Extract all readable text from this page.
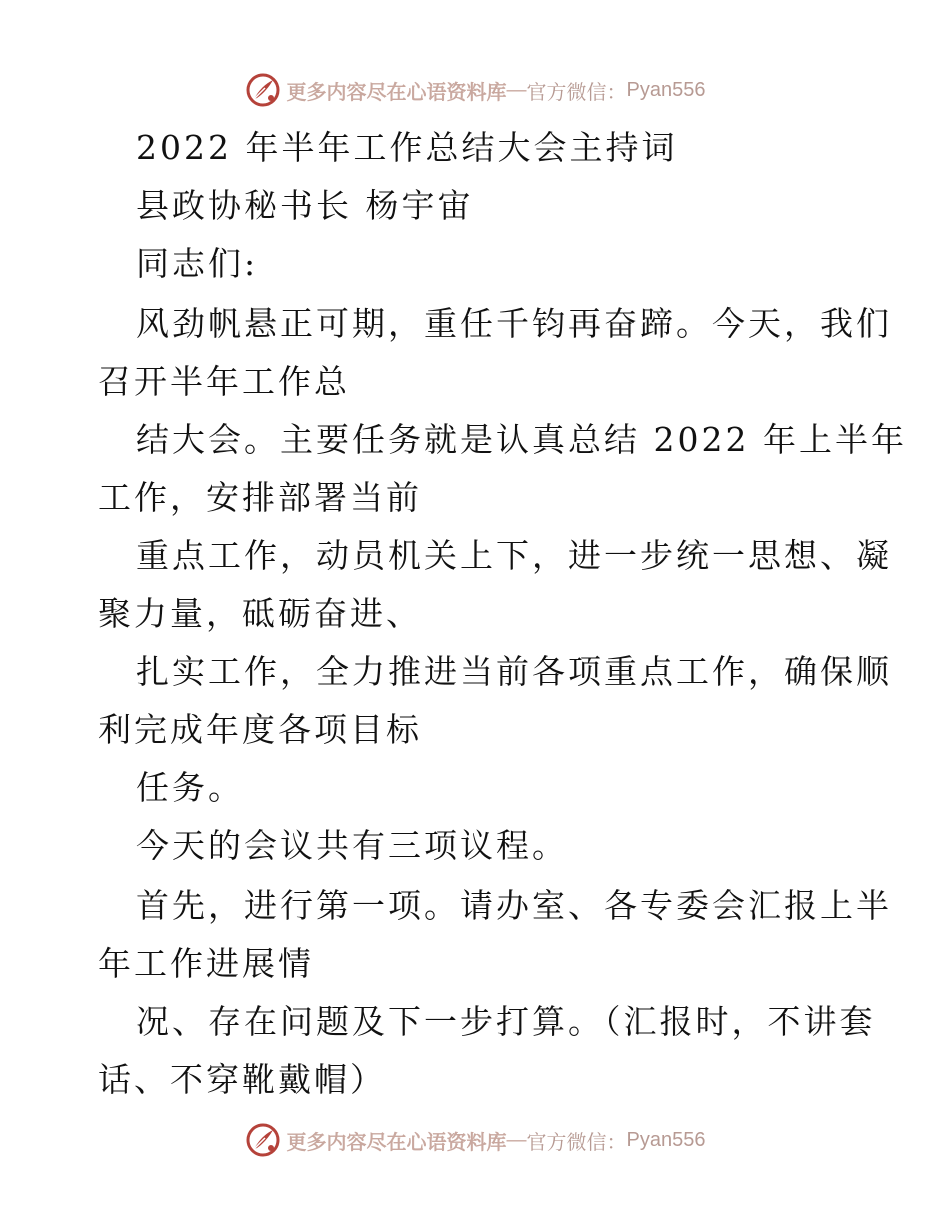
更多内容尽在心语资料库 — 官方微信： Pyan556
2022 年半年工作总结大会主持词
县政协秘书长 杨宇宙
同志们:
风劲帆悬正可期，重任千钧再奋蹄。今天，我们
召开半年工作总
结大会。主要任务就是认真总结 2022 年上半年
工作，安排部署当前
重点工作，动员机关上下，进一步统一思想、凝
聚力量，砥砺奋进、
扎实工作，全力推进当前各项重点工作，确保顺
利完成年度各项目标
任务。
今天的会议共有三项议程。
首先，进行第一项。请办室、各专委会汇报上半
年工作进展情
况、存在问题及下一步打算。（汇报时，不讲套
话、不穿靴戴帽）
更多内容尽在心语资料库 — 官方微信： Pyan556
